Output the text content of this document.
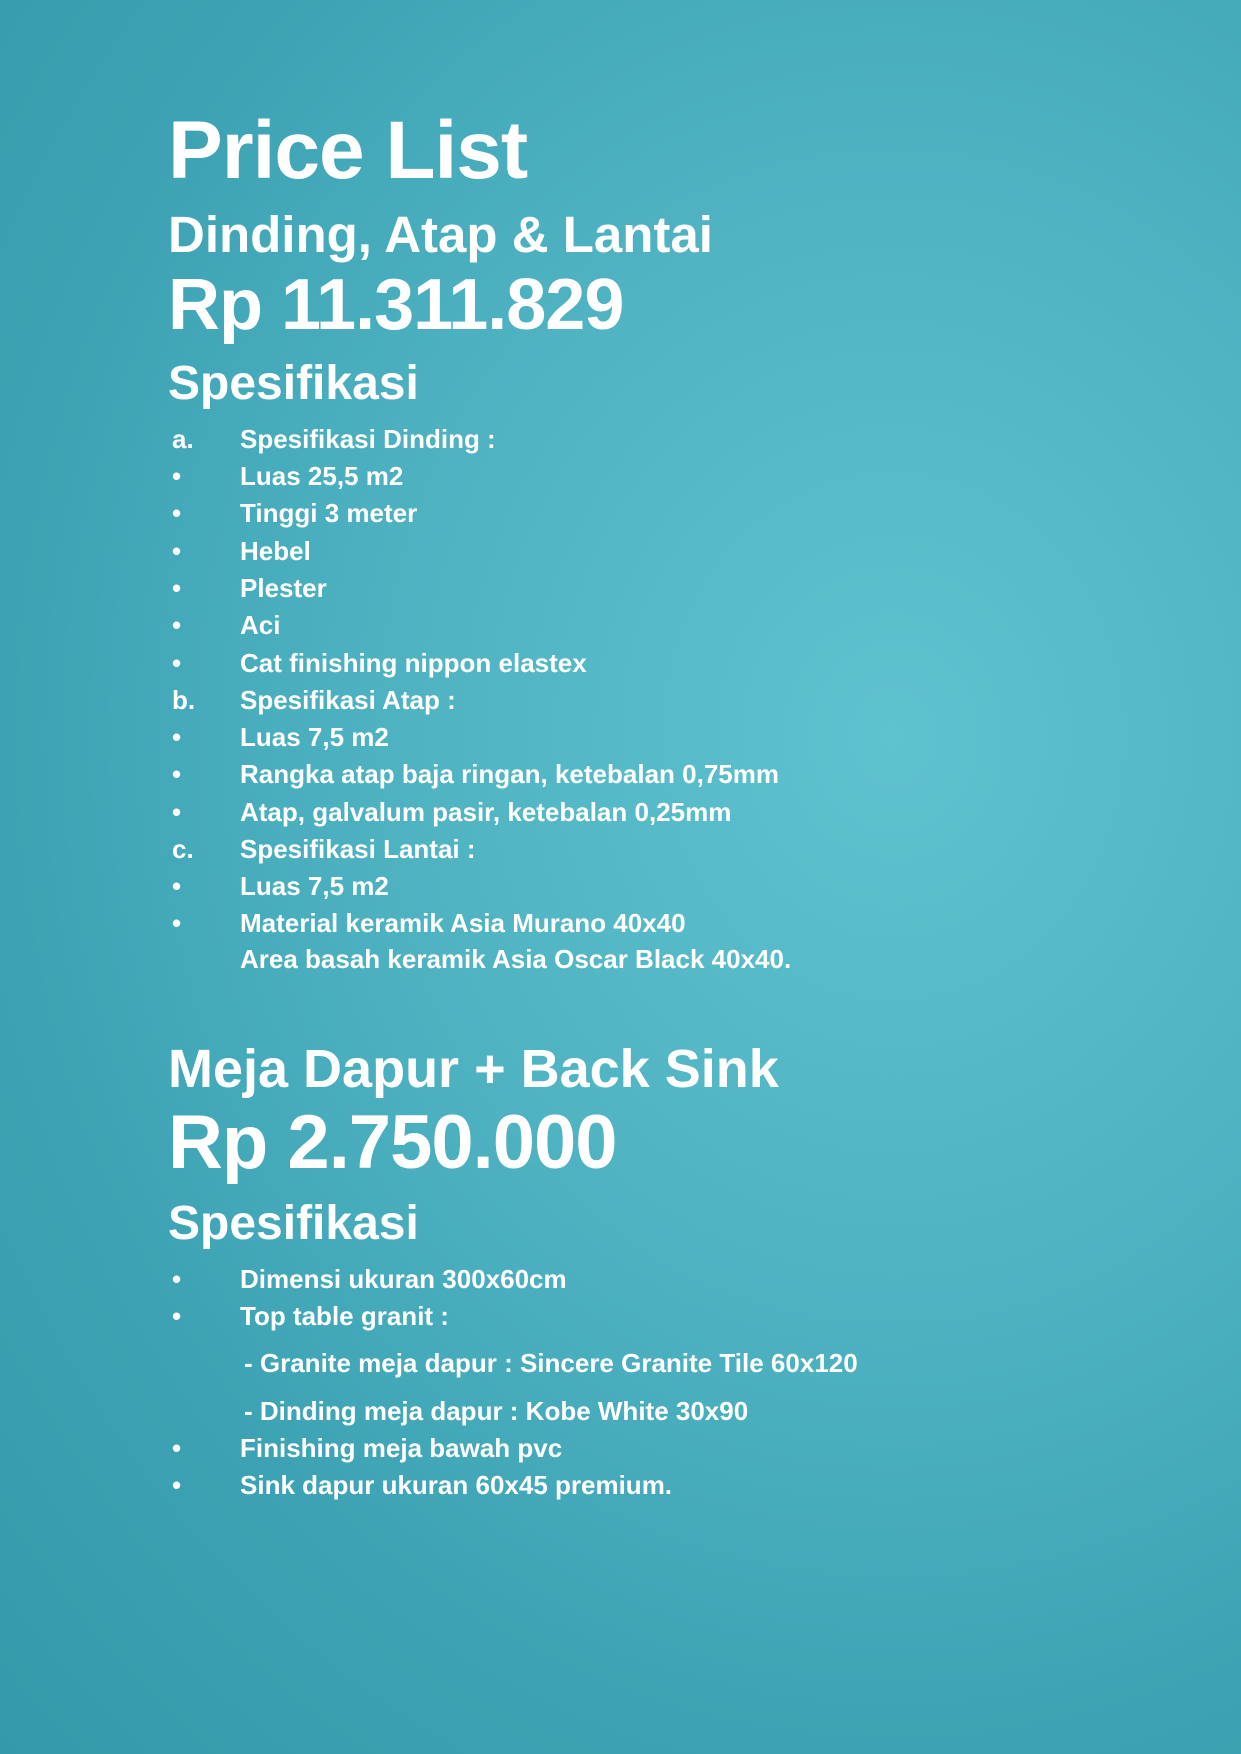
Price List
Dinding, Atap & Lantai
Rp 11.311.829
Spesifikasi
a.	Spesifikasi Dinding :
•	Luas 25,5 m2
•	Tinggi 3 meter
•	Hebel
•	Plester
•	Aci
•	Cat finishing nippon elastex
b.	Spesifikasi Atap :
•	Luas 7,5 m2
•	Rangka atap baja ringan, ketebalan 0,75mm
•	Atap, galvalum pasir, ketebalan 0,25mm
c.	Spesifikasi Lantai :
•	Luas 7,5 m2
•	Material keramik Asia Murano 40x40
Area basah keramik Asia Oscar Black 40x40.
Meja Dapur + Back Sink
Rp 2.750.000
Spesifikasi
•	Dimensi ukuran 300x60cm
•	Top table granit :
- Granite meja dapur : Sincere Granite Tile 60x120
- Dinding meja dapur : Kobe White 30x90
•	Finishing meja bawah pvc
•	Sink dapur ukuran 60x45 premium.
